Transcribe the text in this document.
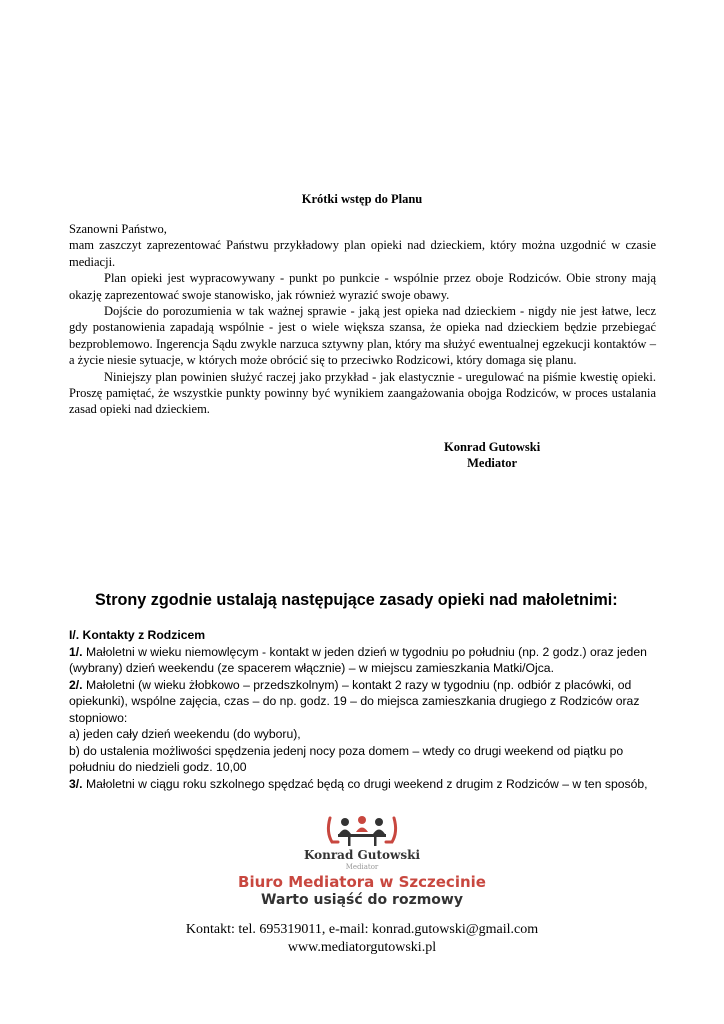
Krótki wstęp do Planu

Szanowni Państwo,

mam zaszczyt zaprezentować Państwu przykładowy plan opieki nad dzieckiem, który można uzgodnić w czasie mediacji.

Plan opieki jest wypracowywany - punkt po punkcie - wspólnie przez oboje Rodziców. Obie strony mają okazję zaprezentować swoje stanowisko, jak również wyrazić swoje obawy.

Dojście do porozumienia w tak ważnej sprawie - jaką jest opieka nad dzieckiem - nigdy nie jest łatwe, lecz gdy postanowienia zapadają wspólnie - jest o wiele większa szansa, że opieka nad dzieckiem będzie przebiegać bezproblemowo. Ingerencja Sądu zwykle narzuca sztywny plan, który ma służyć ewentualnej egzekucji kontaktów – a życie niesie sytuacje, w których może obrócić się to przeciwko Rodzicowi, który domaga się planu.

Niniejszy plan powinien służyć raczej jako przykład - jak elastycznie - uregulować na piśmie kwestię opieki. Proszę pamiętać, że wszystkie punkty powinny być wynikiem zaangażowania obojga Rodziców, w proces ustalania zasad opieki nad dzieckiem.

Konrad Gutowski
Mediator
Strony zgodnie ustalają następujące zasady opieki nad małoletnimi:

I/. Kontakty z Rodzicem

1/. Małoletni w wieku niemowlęcym - kontakt w jeden dzień w tygodniu po południu (np. 2 godz.) oraz jeden (wybrany) dzień weekendu (ze spacerem włącznie) – w miejscu zamieszkania Matki/Ojca.

2/. Małoletni (w wieku żłobkowo – przedszkolnym) – kontakt 2 razy w tygodniu (np. odbiór z placówki, od opiekunki), wspólne zajęcia, czas – do np. godz. 19 – do miejsca zamieszkania drugiego z Rodziców oraz stopniowo:

a) jeden cały dzień weekendu (do wyboru),

b) do ustalenia możliwości spędzenia jedenj nocy poza domem – wtedy co drugi weekend od piątku po południu do niedzieli godz. 10,00

3/. Małoletni w ciągu roku szkolnego spędzać będą co drugi weekend z drugim z Rodziców – w ten sposób,

Konrad Gutowski
Mediator
Biuro Mediatora w Szczecinie
Warto usiąść do rozmowy
Kontakt: tel. 695319011, e-mail: konrad.gutowski@gmail.com
www.mediatorgutowski.pl
